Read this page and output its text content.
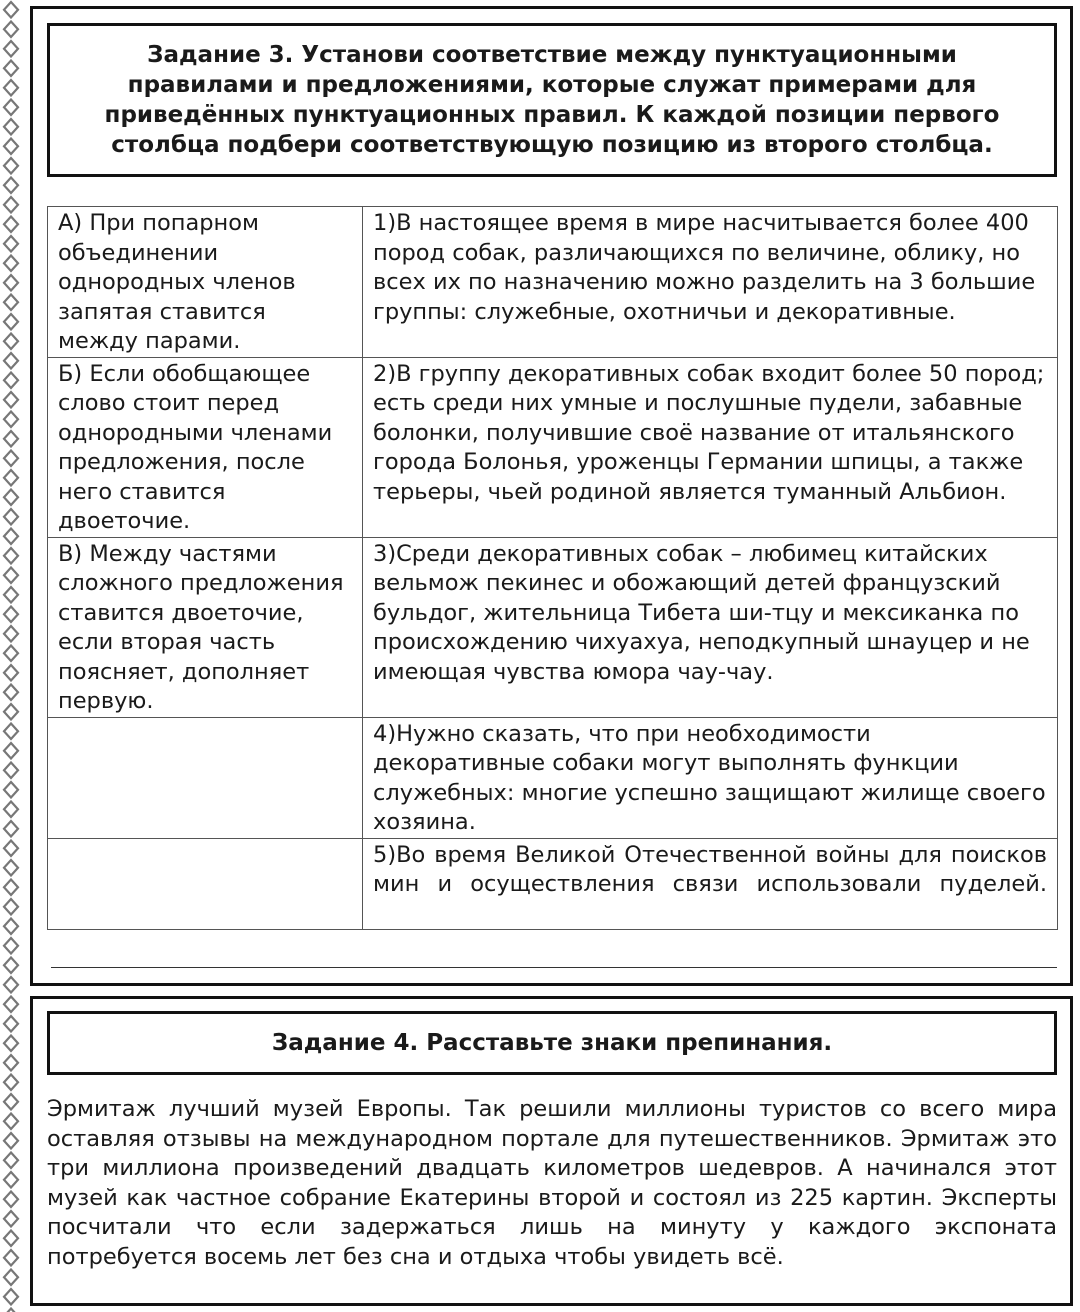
Задание 3. Установи соответствие между пунктуационными правилами и предложениями, которые служат примерами для приведённых пунктуационных правил. К каждой позиции первого столбца подбери соответствующую позицию из второго столбца.
А) При попарном объединении однородных членов запятая ставится между парами.	1)В настоящее время в мире насчитывается более 400 пород собак, различающихся по величине, облику, но всех их по назначению можно разделить на 3 большие группы: служебные, охотничьи и декоративные.
Б) Если обобщающее слово стоит перед однородными членами предложения, после него ставится двоеточие.	2)В группу декоративных собак входит более 50 пород; есть среди них умные и послушные пудели, забавные болонки, получившие своё название от итальянского города Болонья, уроженцы Германии шпицы, а также терьеры, чьей родиной является туманный Альбион.
В) Между частями сложного предложения ставится двоеточие, если вторая часть поясняет, дополняет первую.	3)Среди декоративных собак – любимец китайских вельмож пекинес и обожающий детей французский бульдог, жительница Тибета ши-тцу и мексиканка по происхождению чихуахуа, неподкупный шнауцер и не имеющая чувства юмора чау-чау.
	4)Нужно сказать, что при необходимости декоративные собаки могут выполнять функции служебных: многие успешно защищают жилище своего хозяина.
	5)Во время Великой Отечественной войны для поисков мин и осуществления связи использовали пуделей.
Задание 4. Расставьте знаки препинания.
Эрмитаж лучший музей Европы. Так решили миллионы туристов со всего мира оставляя отзывы на международном портале для путешественников. Эрмитаж это три миллиона произведений двадцать километров шедевров. А начинался этот музей как частное собрание Екатерины второй и состоял из 225 картин. Эксперты посчитали что если задержаться лишь на минуту у каждого экспоната потребуется восемь лет без сна и отдыха чтобы увидеть всё.
